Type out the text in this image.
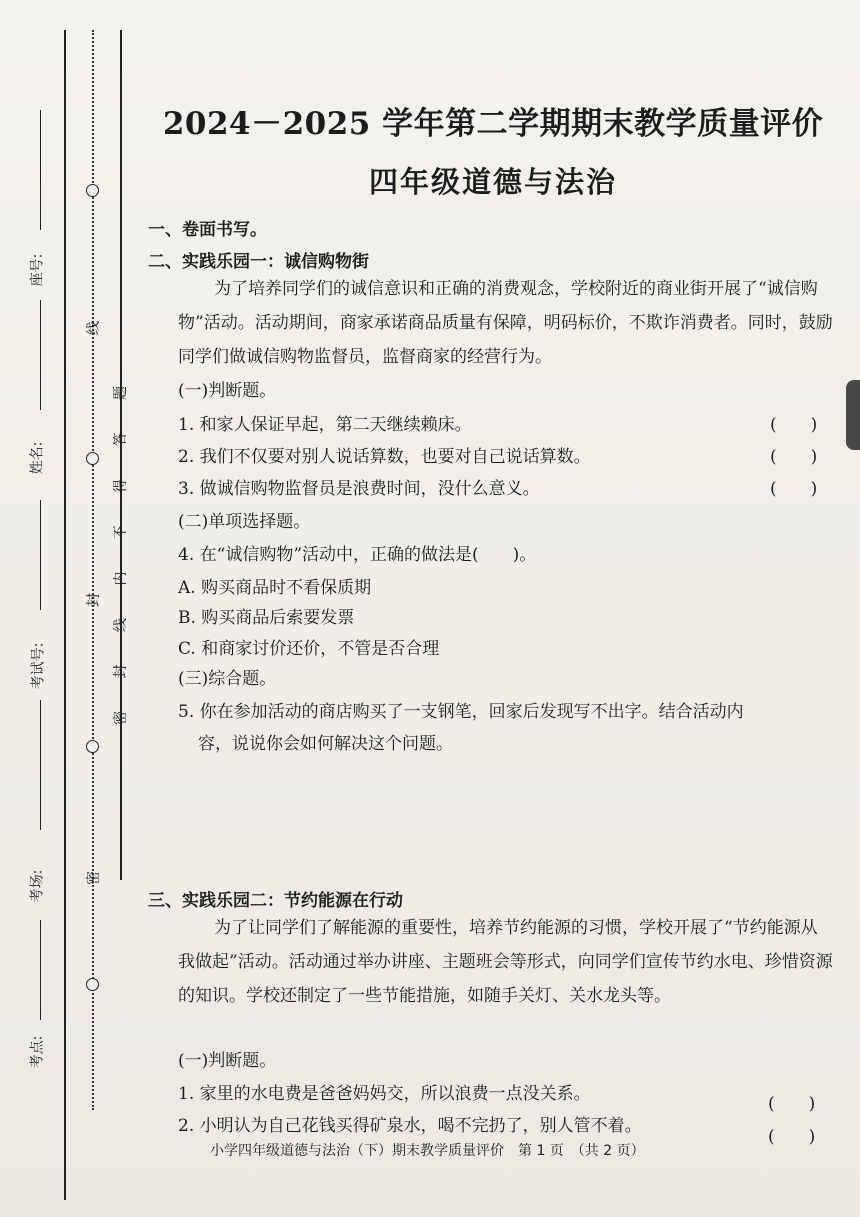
座号:
姓名:
考试号:
考场:
考点:
线
封
密
密 封 线 内 不 得 答 题
2024－2025 学年第二学期期末教学质量评价
四年级道德与法治
一、卷面书写。
二、实践乐园一：诚信购物街
为了培养同学们的诚信意识和正确的消费观念，学校附近的商业街开展了“诚信购物”活动。活动期间，商家承诺商品质量有保障，明码标价，不欺诈消费者。同时，鼓励同学们做诚信购物监督员，监督商家的经营行为。
(一)判断题。
1. 和家人保证早起，第二天继续赖床。	(　　)
2. 我们不仅要对别人说话算数，也要对自己说话算数。	(　　)
3. 做诚信购物监督员是浪费时间，没什么意义。	(　　)
(二)单项选择题。
4. 在“诚信购物”活动中，正确的做法是(　　)。
A. 购买商品时不看保质期
B. 购买商品后索要发票
C. 和商家讨价还价，不管是否合理
(三)综合题。
5. 你在参加活动的商店购买了一支钢笔，回家后发现写不出字。结合活动内
容，说说你会如何解决这个问题。
三、实践乐园二：节约能源在行动
为了让同学们了解能源的重要性，培养节约能源的习惯，学校开展了“节约能源从我做起”活动。活动通过举办讲座、主题班会等形式，向同学们宣传节约水电、珍惜资源的知识。学校还制定了一些节能措施，如随手关灯、关水龙头等。
(一)判断题。
1. 家里的水电费是爸爸妈妈交，所以浪费一点没关系。	(　　)
2. 小明认为自己花钱买得矿泉水，喝不完扔了，别人管不着。
(　　)
小学四年级道德与法治（下）期末教学质量评价　第 1 页　（共 2 页）
